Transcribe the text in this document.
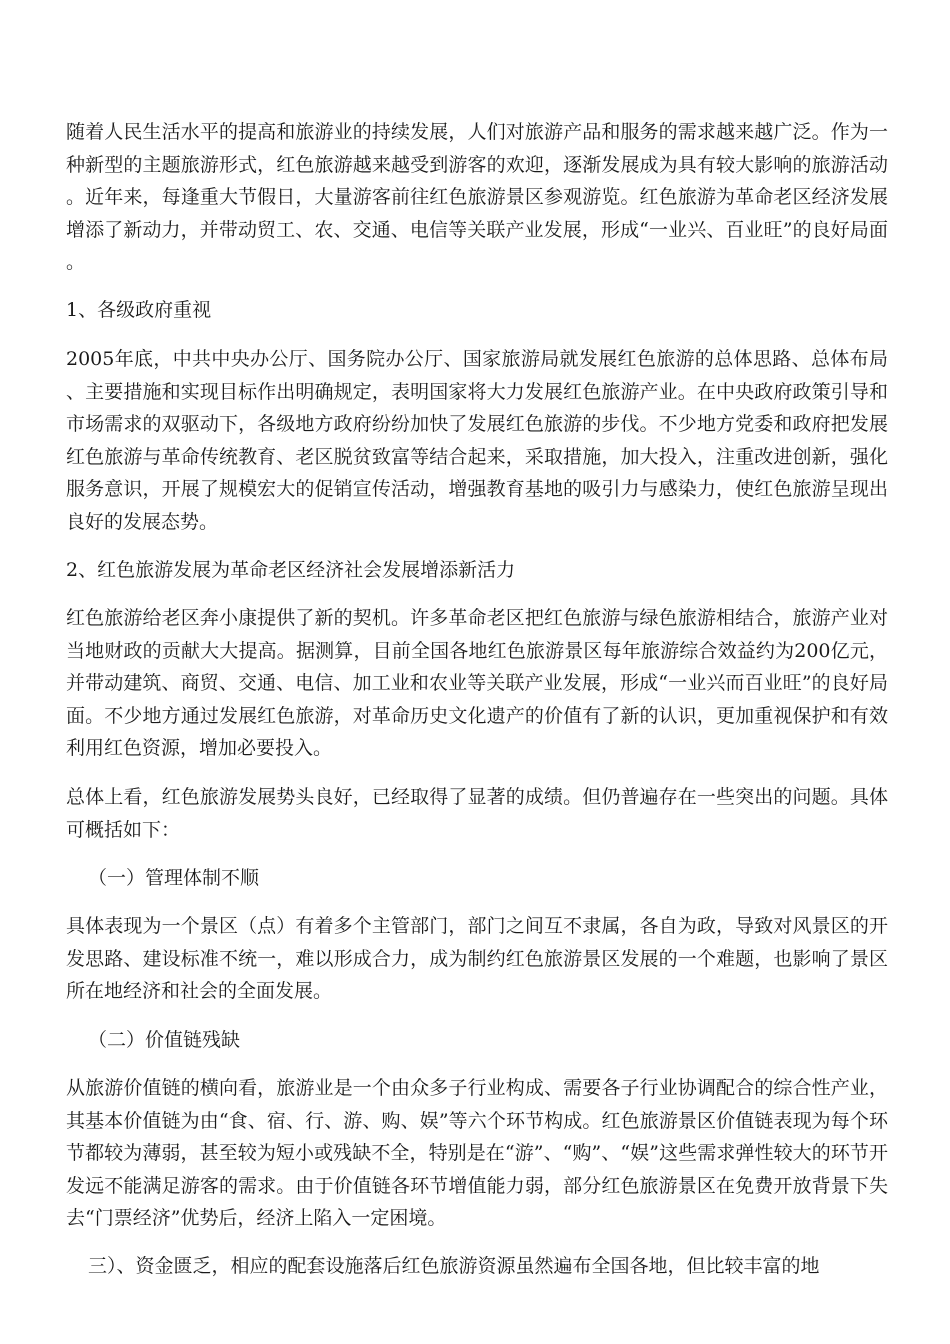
随着人民生活水平的提高和旅游业的持续发展，人们对旅游产品和服务的需求越来越广泛。作为一种新型的主题旅游形式，红色旅游越来越受到游客的欢迎，逐渐发展成为具有较大影响的旅游活动。近年来，每逢重大节假日，大量游客前往红色旅游景区参观游览。红色旅游为革命老区经济发展增添了新动力，并带动贸工、农、交通、电信等关联产业发展，形成“一业兴、百业旺”的良好局面。

1、各级政府重视

2005年底，中共中央办公厅、国务院办公厅、国家旅游局就发展红色旅游的总体思路、总体布局、主要措施和实现目标作出明确规定，表明国家将大力发展红色旅游产业。在中央政府政策引导和市场需求的双驱动下，各级地方政府纷纷加快了发展红色旅游的步伐。不少地方党委和政府把发展红色旅游与革命传统教育、老区脱贫致富等结合起来，采取措施，加大投入，注重改进创新，强化服务意识，开展了规模宏大的促销宣传活动，增强教育基地的吸引力与感染力，使红色旅游呈现出良好的发展态势。

2、红色旅游发展为革命老区经济社会发展增添新活力

红色旅游给老区奔小康提供了新的契机。许多革命老区把红色旅游与绿色旅游相结合，旅游产业对当地财政的贡献大大提高。据测算，目前全国各地红色旅游景区每年旅游综合效益约为200亿元，并带动建筑、商贸、交通、电信、加工业和农业等关联产业发展，形成“一业兴而百业旺”的良好局面。不少地方通过发展红色旅游，对革命历史文化遗产的价值有了新的认识，更加重视保护和有效利用红色资源，增加必要投入。

总体上看，红色旅游发展势头良好，已经取得了显著的成绩。但仍普遍存在一些突出的问题。具体可概括如下：

（一）管理体制不顺

具体表现为一个景区（点）有着多个主管部门，部门之间互不隶属，各自为政，导致对风景区的开发思路、建设标准不统一，难以形成合力，成为制约红色旅游景区发展的一个难题，也影响了景区所在地经济和社会的全面发展。

（二）价值链残缺

从旅游价值链的横向看，旅游业是一个由众多子行业构成、需要各子行业协调配合的综合性产业，其基本价值链为由“食、宿、行、游、购、娱”等六个环节构成。红色旅游景区价值链表现为每个环节都较为薄弱，甚至较为短小或残缺不全，特别是在“游”、“购”、“娱”这些需求弹性较大的环节开发远不能满足游客的需求。由于价值链各环节增值能力弱，部分红色旅游景区在免费开放背景下失去“门票经济”优势后，经济上陷入一定困境。

三）、资金匮乏，相应的配套设施落后红色旅游资源虽然遍布全国各地，但比较丰富的地
